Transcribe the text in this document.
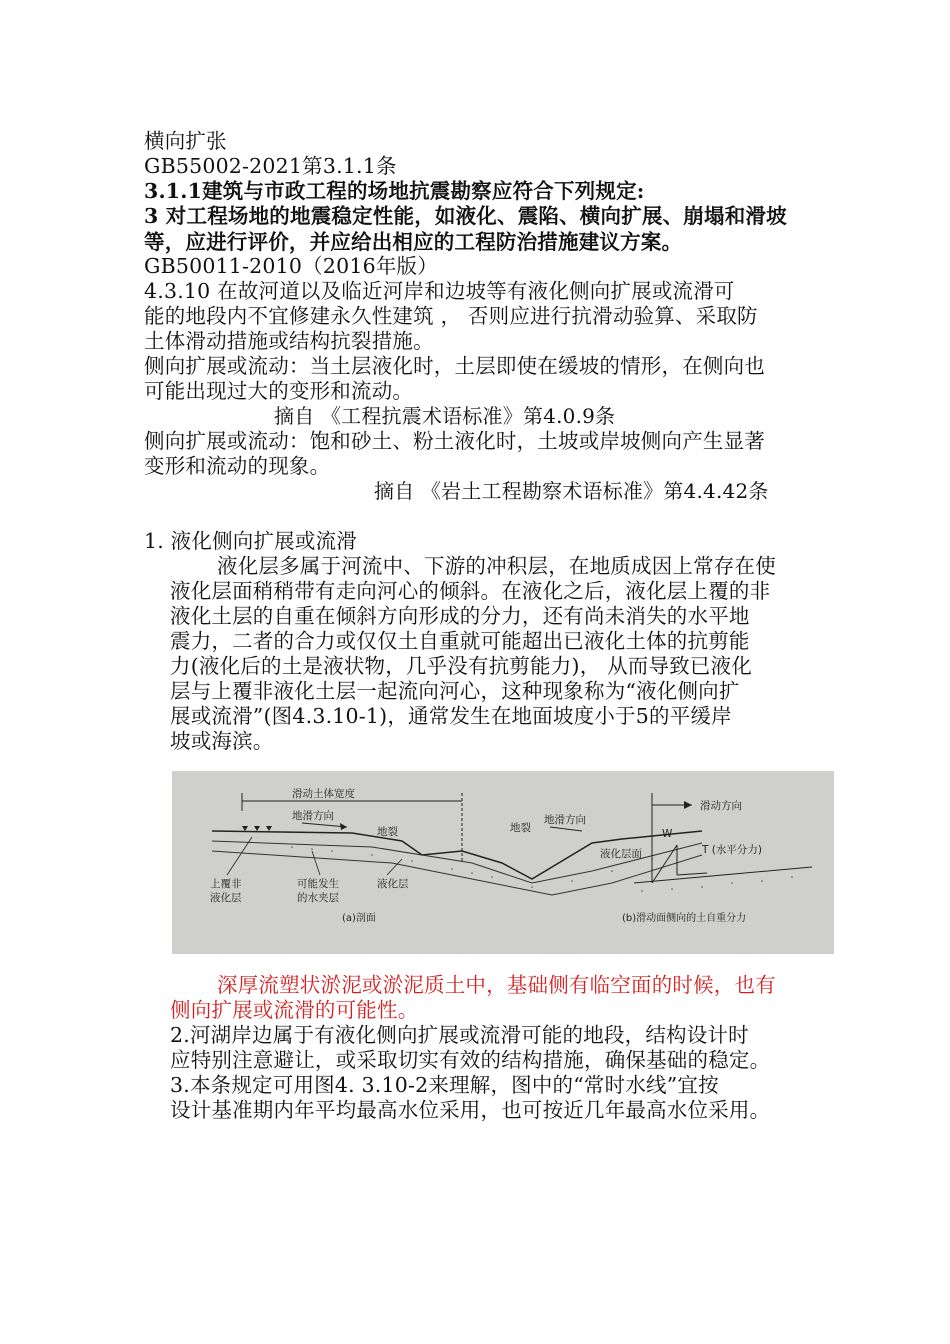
横向扩张
GB55002-2021第3.1.1条
3.1.1建筑与市政工程的场地抗震勘察应符合下列规定:
3 对工程场地的地震稳定性能，如液化、震陷、横向扩展、崩塌和滑坡
等，应进行评价，并应给出相应的工程防治措施建议方案。
GB50011-2010（2016年版）
4.3.10 在故河道以及临近河岸和边坡等有液化侧向扩展或流滑可
能的地段内不宜修建永久性建筑 ， 否则应进行抗滑动验算、采取防
土体滑动措施或结构抗裂措施。
侧向扩展或流动：当土层液化时，土层即使在缓坡的情形，在侧向也
可能出现过大的变形和流动。
摘自 《工程抗震术语标准》第4.0.9条
侧向扩展或流动：饱和砂土、粉土液化时，土坡或岸坡侧向产生显著
变形和流动的现象。
摘自 《岩土工程勘察术语标准》第4.4.42条
1. 液化侧向扩展或流滑
液化层多属于河流中、下游的冲积层，在地质成因上常存在使
液化层面稍稍带有走向河心的倾斜。在液化之后，液化层上覆的非
液化土层的自重在倾斜方向形成的分力，还有尚未消失的水平地
震力，二者的合力或仅仅土自重就可能超出已液化土体的抗剪能
力(液化后的土是液状物，几乎没有抗剪能力)， 从而导致已液化
层与上覆非液化土层一起流向河心，这种现象称为“液化侧向扩
展或流滑”(图4.3.10-1)，通常发生在地面坡度小于5的平缓岸
坡或海滨。
滑动土体宽度
地滑方向
地裂	地裂
地滑方向
上覆非
液化层
可能发生
的水夹层
液化层
(a)剖面
滑动方向
液化层面
W
T (水平分力)
(b)滑动面侧向的土自重分力
深厚流塑状淤泥或淤泥质土中，基础侧有临空面的时候，也有
侧向扩展或流滑的可能性。
2.河湖岸边属于有液化侧向扩展或流滑可能的地段，结构设计时
应特别注意避让，或采取切实有效的结构措施，确保基础的稳定。
3.本条规定可用图4. 3.10-2来理解，图中的“常时水线”宜按
设计基准期内年平均最高水位采用，也可按近几年最高水位采用。
